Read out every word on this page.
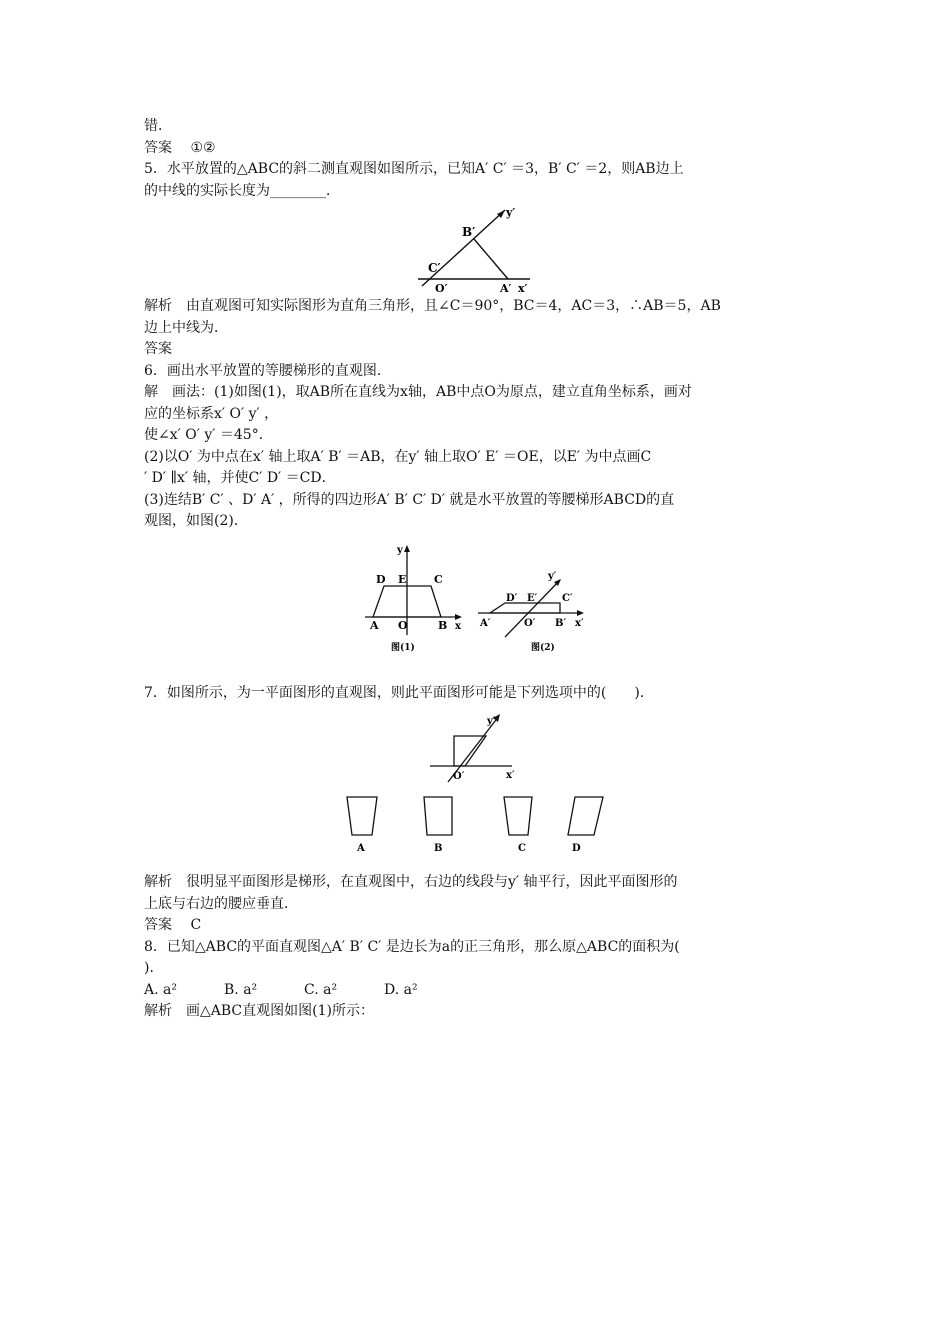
错．
答案 ①②
5．水平放置的△ABC的斜二测直观图如图所示，已知A′ C′ ＝3，B′ C′ ＝2，则AB边上
的中线的实际长度为________．
B′
C′
O′	A′ x′
y′
解析　由直观图可知实际图形为直角三角形，且∠C＝90°，BC＝4，AC＝3，∴AB＝5，AB
边上中线为．
答案
6．画出水平放置的等腰梯形的直观图．
解　画法：(1)如图(1)，取AB所在直线为x轴，AB中点O为原点，建立直角坐标系，画对
应的坐标系x′ O′ y′ ，
使∠x′ O′ y′ ＝45°．
(2)以O′ 为中点在x′ 轴上取A′ B′ ＝AB，在y′ 轴上取O′ E′ ＝OE，以E′ 为中点画C
′ D′ ∥x′ 轴，并使C′ D′ ＝CD．
(3)连结B′ C′ 、D′ A′ ，所得的四边形A′ B′ C′ D′ 就是水平放置的等腰梯形ABCD的直
观图，如图(2)．
y
D E	C
A O	B x
图(1)
y′
D′ E′ C′
A′	O′ B′ x′
图(2)
7．如图所示，为一平面图形的直观图，则此平面图形可能是下列选项中的(　　)．
O′	x′
y′
A	B	C	D
解析　很明显平面图形是梯形，在直观图中，右边的线段与y′ 轴平行，因此平面图形的
上底与右边的腰应垂直．
答案 C
8．已知△ABC的平面直观图△A′ B′ C′ 是边长为a的正三角形，那么原△ABC的面积为(
)．
A. a²	B. a²	C. a²	D. a²
解析　画△ABC直观图如图(1)所示：
